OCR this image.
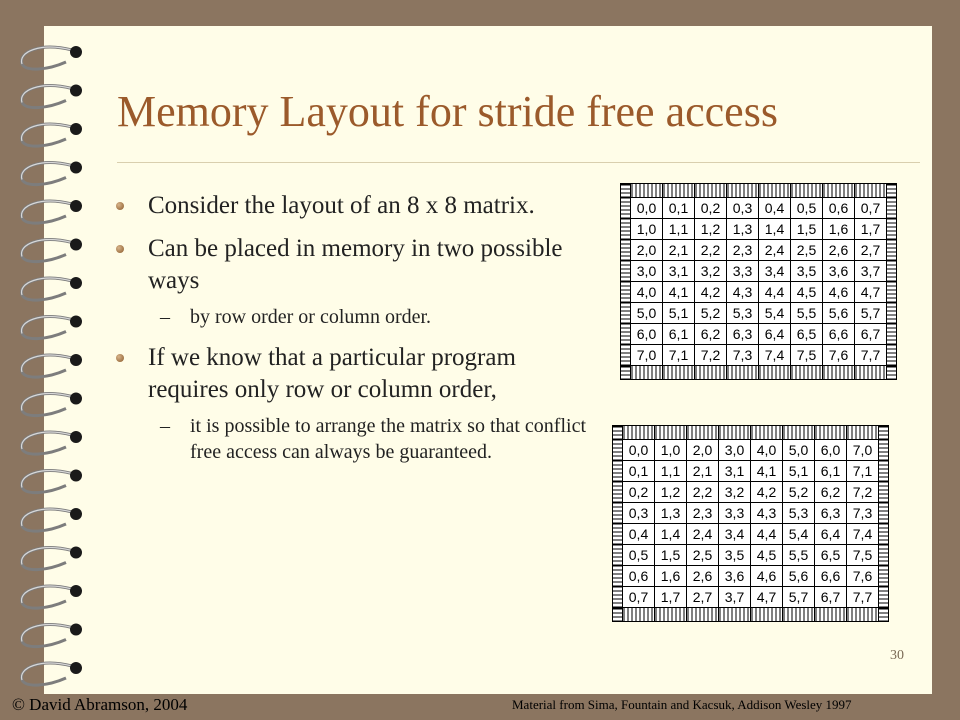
Memory Layout for stride free access
Consider the layout of an 8 x 8 matrix.
Can be placed in memory in two possible ways
– by row order or column order.
If we know that a particular program requires only row or column order,
– it is possible to arrange the matrix so that conflict free access can always be guaranteed.

	0,0	0,1	0,2	0,3	0,4	0,5	0,6	0,7	
	1,0	1,1	1,2	1,3	1,4	1,5	1,6	1,7	
	2,0	2,1	2,2	2,3	2,4	2,5	2,6	2,7	
	3,0	3,1	3,2	3,3	3,4	3,5	3,6	3,7	
	4,0	4,1	4,2	4,3	4,4	4,5	4,6	4,7	
	5,0	5,1	5,2	5,3	5,4	5,5	5,6	5,7	
	6,0	6,1	6,2	6,3	6,4	6,5	6,6	6,7	
	7,0	7,1	7,2	7,3	7,4	7,5	7,6	7,7	

	0,0	1,0	2,0	3,0	4,0	5,0	6,0	7,0	
	0,1	1,1	2,1	3,1	4,1	5,1	6,1	7,1	
	0,2	1,2	2,2	3,2	4,2	5,2	6,2	7,2	
	0,3	1,3	2,3	3,3	4,3	5,3	6,3	7,3	
	0,4	1,4	2,4	3,4	4,4	5,4	6,4	7,4	
	0,5	1,5	2,5	3,5	4,5	5,5	6,5	7,5	
	0,6	1,6	2,6	3,6	4,6	5,6	6,6	7,6	
	0,7	1,7	2,7	3,7	4,7	5,7	6,7	7,7	

30
© David Abramson, 2004	Material from Sima, Fountain and Kacsuk, Addison Wesley 1997
